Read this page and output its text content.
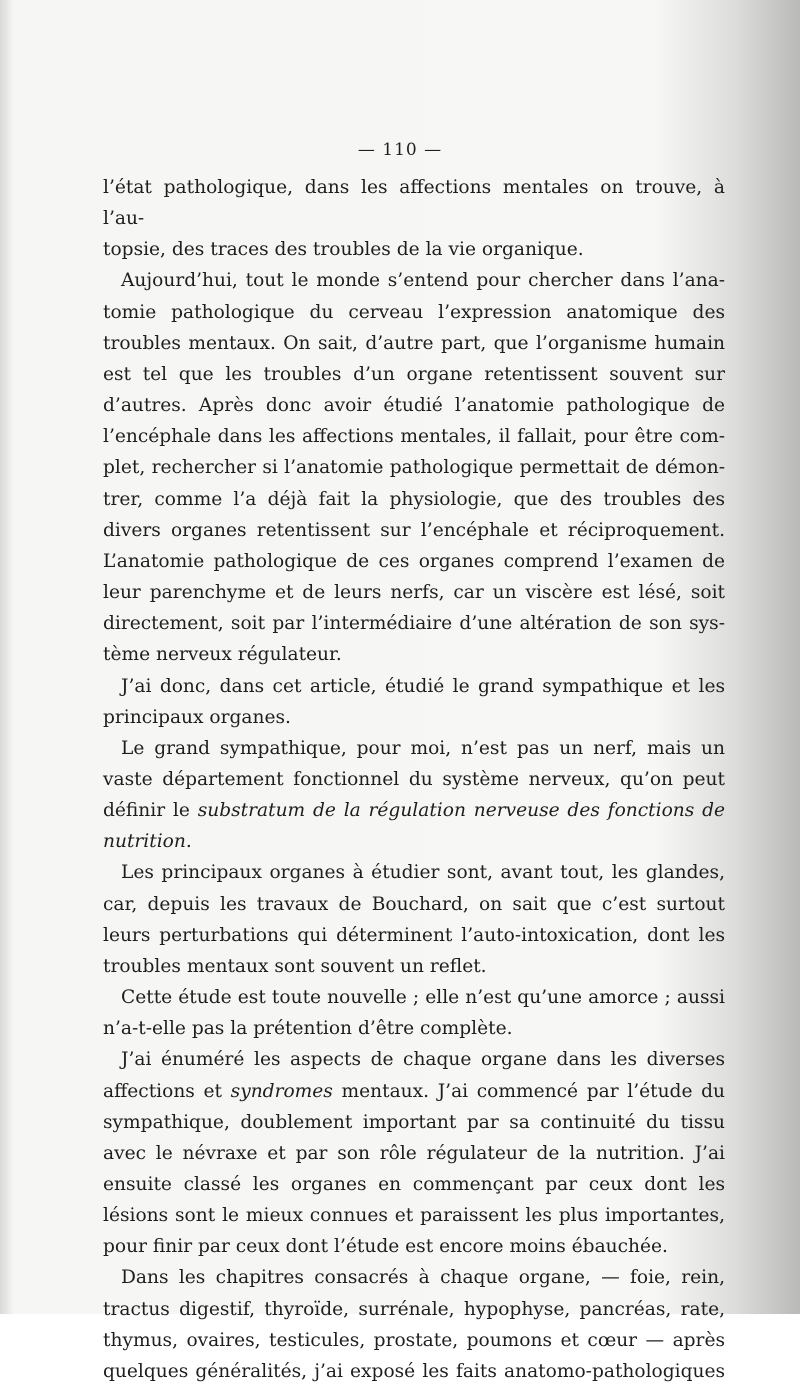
— 110 —

l’état pathologique, dans les affections mentales on trouve, à l’au-

topsie, des traces des troubles de la vie organique.

Aujourd’hui, tout le monde s’entend pour chercher dans l’ana-

tomie pathologique du cerveau l’expression anatomique des

troubles mentaux. On sait, d’autre part, que l’organisme humain

est tel que les troubles d’un organe retentissent souvent sur

d’autres. Après donc avoir étudié l’anatomie pathologique de

l’encéphale dans les affections mentales, il fallait, pour être com-

plet, rechercher si l’anatomie pathologique permettait de démon-

trer, comme l’a déjà fait la physiologie, que des troubles des

divers organes retentissent sur l’encéphale et réciproquement.

L’anatomie pathologique de ces organes comprend l’examen de

leur parenchyme et de leurs nerfs, car un viscère est lésé, soit

directement, soit par l’intermédiaire d’une altération de son sys-

tème nerveux régulateur.

J’ai donc, dans cet article, étudié le grand sympathique et les

principaux organes.

Le grand sympathique, pour moi, n’est pas un nerf, mais un

vaste département fonctionnel du système nerveux, qu’on peut

définir le substratum de la régulation nerveuse des fonctions de

nutrition.

Les principaux organes à étudier sont, avant tout, les glandes,

car, depuis les travaux de Bouchard, on sait que c’est surtout

leurs perturbations qui déterminent l’auto-intoxication, dont les

troubles mentaux sont souvent un reflet.

Cette étude est toute nouvelle ; elle n’est qu’une amorce ; aussi

n’a-t-elle pas la prétention d’être complète.

J’ai énuméré les aspects de chaque organe dans les diverses

affections et syndromes mentaux. J’ai commencé par l’étude du

sympathique, doublement important par sa continuité du tissu

avec le névraxe et par son rôle régulateur de la nutrition. J’ai

ensuite classé les organes en commençant par ceux dont les

lésions sont le mieux connues et paraissent les plus importantes,

pour finir par ceux dont l’étude est encore moins ébauchée.

Dans les chapitres consacrés à chaque organe, — foie, rein,

tractus digestif, thyroïde, surrénale, hypophyse, pancréas, rate,

thymus, ovaires, testicules, prostate, poumons et cœur — après

quelques généralités, j’ai exposé les faits anatomo-pathologiques
